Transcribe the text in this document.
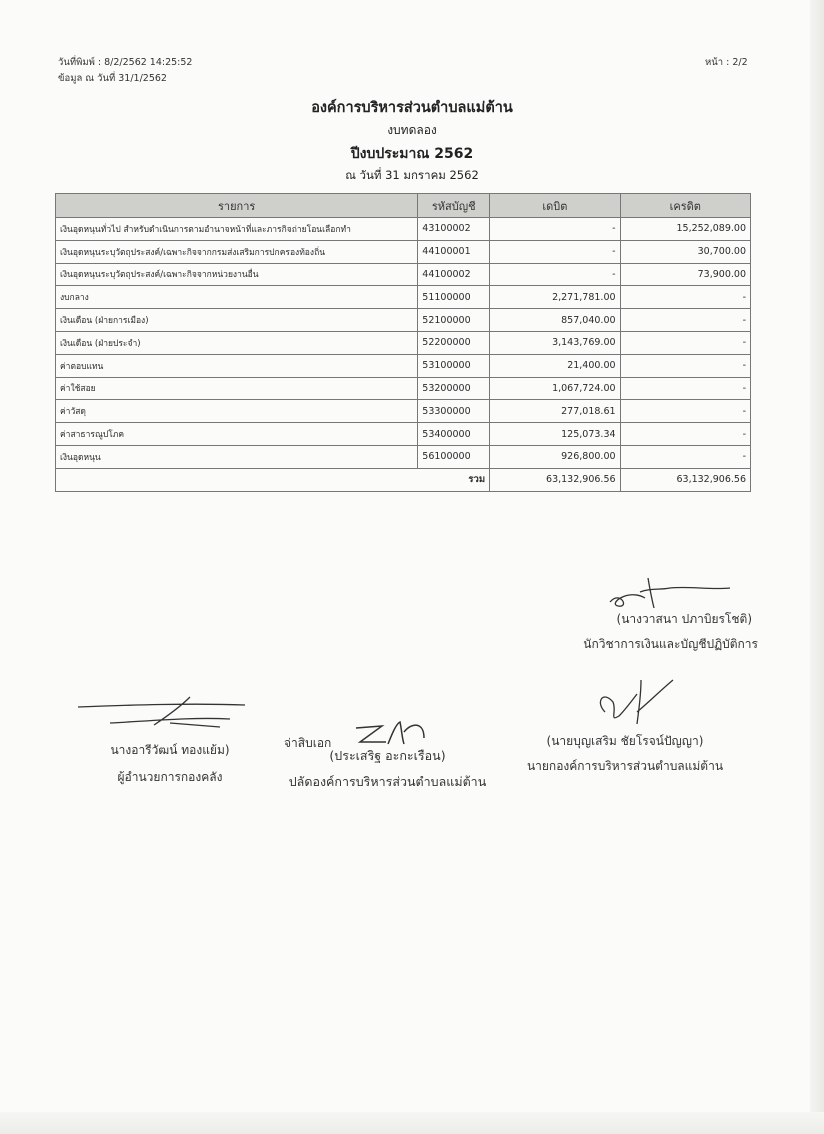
วันที่พิมพ์ : 8/2/2562 14:25:52
ข้อมูล ณ วันที่ 31/1/2562
หน้า : 2/2
องค์การบริหารส่วนตำบลแม่ต้าน
งบทดลอง
ปีงบประมาณ 2562
ณ วันที่ 31 มกราคม 2562
รายการ	รหัสบัญชี	เดบิต	เครดิต
เงินอุดหนุนทั่วไป สำหรับดำเนินการตามอำนาจหน้าที่และภารกิจถ่ายโอนเลือกทำ	43100002	-	15,252,089.00
เงินอุดหนุนระบุวัตถุประสงค์/เฉพาะกิจจากกรมส่งเสริมการปกครองท้องถิ่น	44100001	-	30,700.00
เงินอุดหนุนระบุวัตถุประสงค์/เฉพาะกิจจากหน่วยงานอื่น	44100002	-	73,900.00
งบกลาง	51100000	2,271,781.00	-
เงินเดือน (ฝ่ายการเมือง)	52100000	857,040.00	-
เงินเดือน (ฝ่ายประจำ)	52200000	3,143,769.00	-
ค่าตอบแทน	53100000	21,400.00	-
ค่าใช้สอย	53200000	1,067,724.00	-
ค่าวัสดุ	53300000	277,018.61	-
ค่าสาธารณูปโภค	53400000	125,073.34	-
เงินอุดหนุน	56100000	926,800.00	-
รวม		63,132,906.56	63,132,906.56
(นางวาสนา ปภาบิยรโชติ)
นักวิชาการเงินและบัญชีปฏิบัติการ
นางอารีวัฒน์ ทองแย้ม)
ผู้อำนวยการกองคลัง
จ่าสิบเอก
(ประเสริฐ อะกะเรือน)
ปลัดองค์การบริหารส่วนตำบลแม่ต้าน
(นายบุญเสริม ชัยโรจน์ปัญญา)
นายกองค์การบริหารส่วนตำบลแม่ต้าน
